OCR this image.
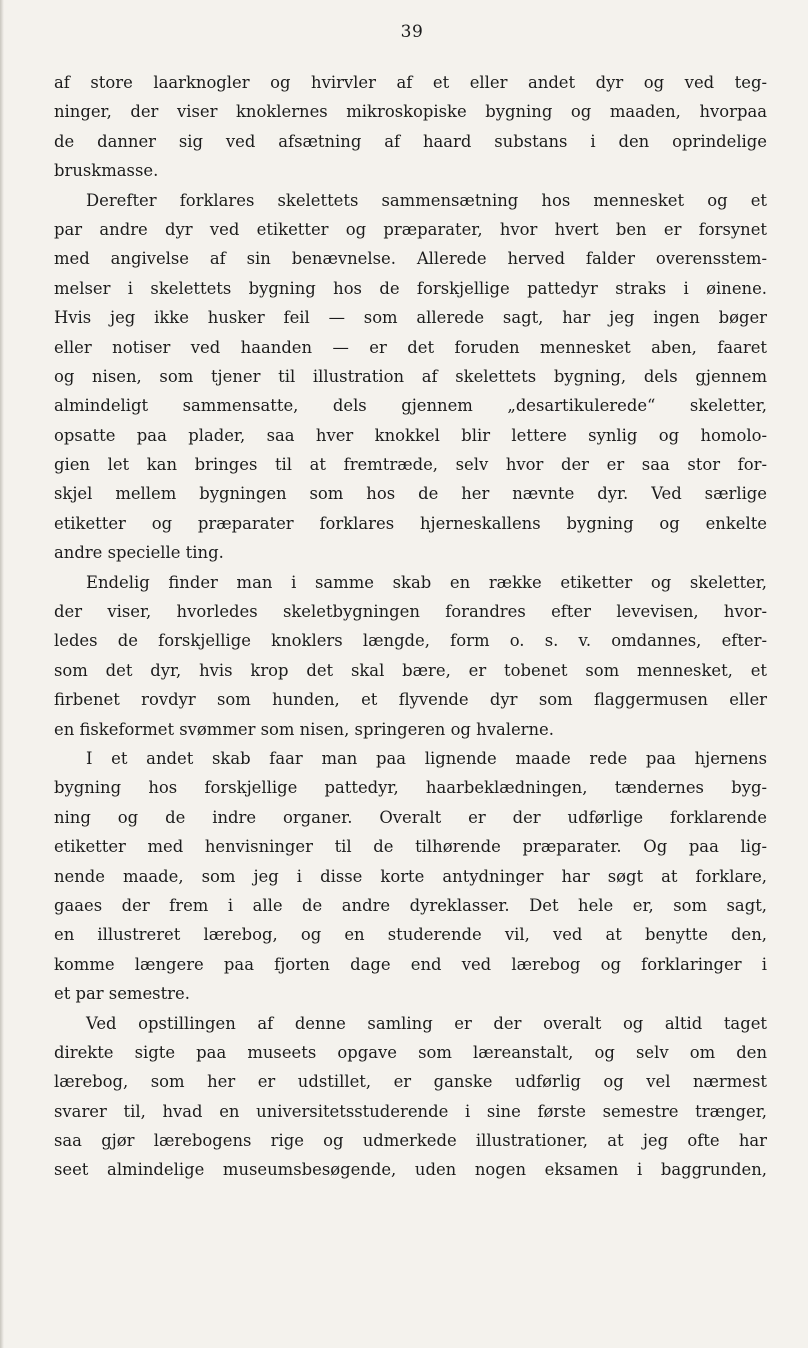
39
af store laarknogler og hvirvler af et eller andet dyr og ved teg-
ninger, der viser knoklernes mikroskopiske bygning og maaden, hvorpaa
de danner sig ved afsætning af haard substans i den oprindelige
bruskmasse.
Derefter forklares skelettets sammensætning hos mennesket og et
par andre dyr ved etiketter og præparater, hvor hvert ben er forsynet
med angivelse af sin benævnelse. Allerede herved falder overensstem-
melser i skelettets bygning hos de forskjellige pattedyr straks i øinene.
Hvis jeg ikke husker feil — som allerede sagt, har jeg ingen bøger
eller notiser ved haanden — er det foruden mennesket aben, faaret
og nisen, som tjener til illustration af skelettets bygning, dels gjennem
almindeligt sammensatte, dels gjennem „desartikulerede“ skeletter,
opsatte paa plader, saa hver knokkel blir lettere synlig og homolo-
gien let kan bringes til at fremtræde, selv hvor der er saa stor for-
skjel mellem bygningen som hos de her nævnte dyr. Ved særlige
etiketter og præparater forklares hjerneskallens bygning og enkelte
andre specielle ting.
Endelig finder man i samme skab en række etiketter og skeletter,
der viser, hvorledes skeletbygningen forandres efter levevisen, hvor-
ledes de forskjellige knoklers længde, form o. s. v. omdannes, efter-
som det dyr, hvis krop det skal bære, er tobenet som mennesket, et
firbenet rovdyr som hunden, et flyvende dyr som flaggermusen eller
en fiskeformet svømmer som nisen, springeren og hvalerne.
I et andet skab faar man paa lignende maade rede paa hjernens
bygning hos forskjellige pattedyr, haarbeklædningen, tændernes byg-
ning og de indre organer. Overalt er der udførlige forklarende
etiketter med henvisninger til de tilhørende præparater. Og paa lig-
nende maade, som jeg i disse korte antydninger har søgt at forklare,
gaaes der frem i alle de andre dyreklasser. Det hele er, som sagt,
en illustreret lærebog, og en studerende vil, ved at benytte den,
komme længere paa fjorten dage end ved lærebog og forklaringer i
et par semestre.
Ved opstillingen af denne samling er der overalt og altid taget
direkte sigte paa museets opgave som læreanstalt, og selv om den
lærebog, som her er udstillet, er ganske udførlig og vel nærmest
svarer til, hvad en universitetsstuderende i sine første semestre trænger,
saa gjør lærebogens rige og udmerkede illustrationer, at jeg ofte har
seet almindelige museumsbesøgende, uden nogen eksamen i baggrunden,
